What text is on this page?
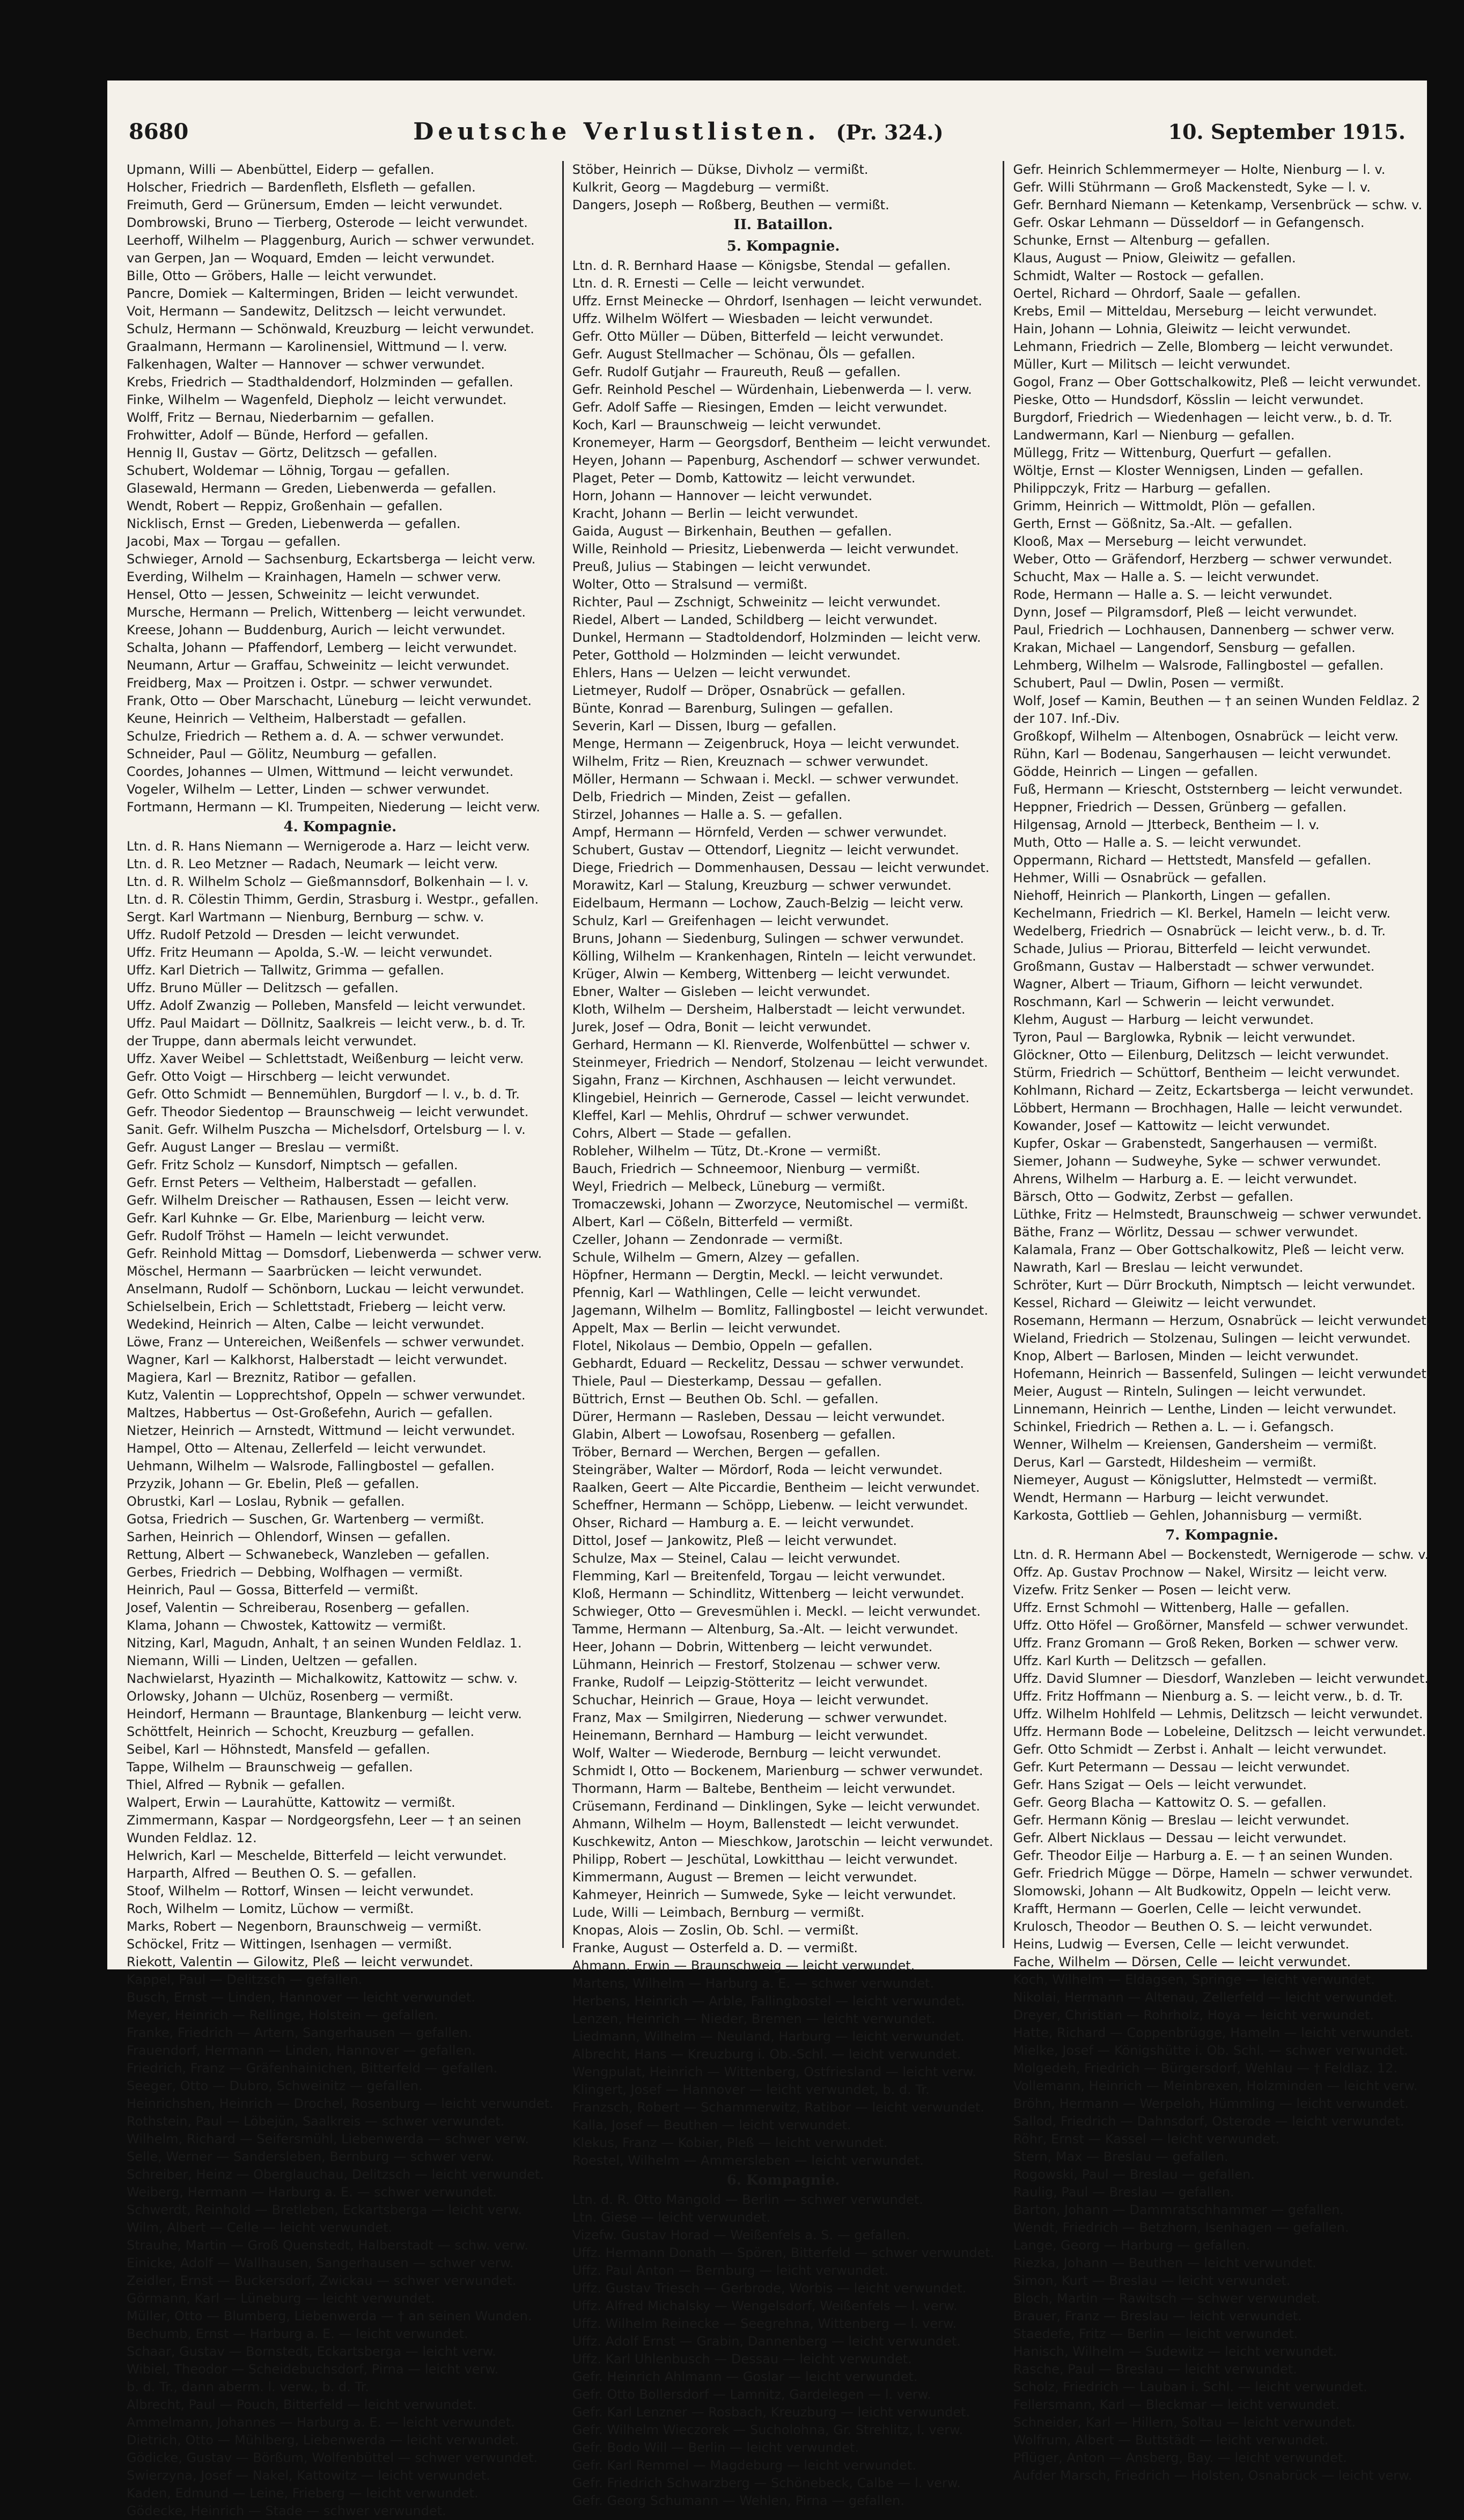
8680	Deutsche Verlustlisten. (Pr. 324.)	10. September 1915.
Upmann, Willi — Abenbüttel, Eiderp — gefallen.
Holscher, Friedrich — Bardenfleth, Elsfleth — gefallen.
Freimuth, Gerd — Grünersum, Emden — leicht verwundet.
Dombrowski, Bruno — Tierberg, Osterode — leicht verwundet.
Leerhoff, Wilhelm — Plaggenburg, Aurich — schwer verwundet.
van Gerpen, Jan — Woquard, Emden — leicht verwundet.
Bille, Otto — Gröbers, Halle — leicht verwundet.
Pancre, Domiek — Kaltermingen, Briden — leicht verwundet.
Voit, Hermann — Sandewitz, Delitzsch — leicht verwundet.
Schulz, Hermann — Schönwald, Kreuzburg — leicht verwundet.
Graalmann, Hermann — Karolinensiel, Wittmund — l. verw.
Falkenhagen, Walter — Hannover — schwer verwundet.
Krebs, Friedrich — Stadthaldendorf, Holzminden — gefallen.
Finke, Wilhelm — Wagenfeld, Diepholz — leicht verwundet.
Wolff, Fritz — Bernau, Niederbarnim — gefallen.
Frohwitter, Adolf — Bünde, Herford — gefallen.
Hennig II, Gustav — Görtz, Delitzsch — gefallen.
Schubert, Woldemar — Löhnig, Torgau — gefallen.
Glasewald, Hermann — Greden, Liebenwerda — gefallen.
Wendt, Robert — Reppiz, Großenhain — gefallen.
Nicklisch, Ernst — Greden, Liebenwerda — gefallen.
Jacobi, Max — Torgau — gefallen.
Schwieger, Arnold — Sachsenburg, Eckartsberga — leicht verw.
Everding, Wilhelm — Krainhagen, Hameln — schwer verw.
Hensel, Otto — Jessen, Schweinitz — leicht verwundet.
Mursche, Hermann — Prelich, Wittenberg — leicht verwundet.
Kreese, Johann — Buddenburg, Aurich — leicht verwundet.
Schalta, Johann — Pfaffendorf, Lemberg — leicht verwundet.
Neumann, Artur — Graffau, Schweinitz — leicht verwundet.
Freidberg, Max — Proitzen i. Ostpr. — schwer verwundet.
Frank, Otto — Ober Marschacht, Lüneburg — leicht verwundet.
Keune, Heinrich — Veltheim, Halberstadt — gefallen.
Schulze, Friedrich — Rethem a. d. A. — schwer verwundet.
Schneider, Paul — Gölitz, Neumburg — gefallen.
Coordes, Johannes — Ulmen, Wittmund — leicht verwundet.
Vogeler, Wilhelm — Letter, Linden — schwer verwundet.
Fortmann, Hermann — Kl. Trumpeiten, Niederung — leicht verw.
4. Kompagnie.
Ltn. d. R. Hans Niemann — Wernigerode a. Harz — leicht verw.
Ltn. d. R. Leo Metzner — Radach, Neumark — leicht verw.
Ltn. d. R. Wilhelm Scholz — Gießmannsdorf, Bolkenhain — l. v.
Ltn. d. R. Cölestin Thimm, Gerdin, Strasburg i. Westpr., gefallen.
Sergt. Karl Wartmann — Nienburg, Bernburg — schw. v.
Uffz. Rudolf Petzold — Dresden — leicht verwundet.
Uffz. Fritz Heumann — Apolda, S.-W. — leicht verwundet.
Uffz. Karl Dietrich — Tallwitz, Grimma — gefallen.
Uffz. Bruno Müller — Delitzsch — gefallen.
Uffz. Adolf Zwanzig — Polleben, Mansfeld — leicht verwundet.
Uffz. Paul Maidart — Döllnitz, Saalkreis — leicht verw., b. d. Tr.
der Truppe, dann abermals leicht verwundet.
Uffz. Xaver Weibel — Schlettstadt, Weißenburg — leicht verw.
Gefr. Otto Voigt — Hirschberg — leicht verwundet.
Gefr. Otto Schmidt — Bennemühlen, Burgdorf — l. v., b. d. Tr.
Gefr. Theodor Siedentop — Braunschweig — leicht verwundet.
Sanit. Gefr. Wilhelm Puszcha — Michelsdorf, Ortelsburg — l. v.
Gefr. August Langer — Breslau — vermißt.
Gefr. Fritz Scholz — Kunsdorf, Nimptsch — gefallen.
Gefr. Ernst Peters — Veltheim, Halberstadt — gefallen.
Gefr. Wilhelm Dreischer — Rathausen, Essen — leicht verw.
Gefr. Karl Kuhnke — Gr. Elbe, Marienburg — leicht verw.
Gefr. Rudolf Tröhst — Hameln — leicht verwundet.
Gefr. Reinhold Mittag — Domsdorf, Liebenwerda — schwer verw.
Möschel, Hermann — Saarbrücken — leicht verwundet.
Anselmann, Rudolf — Schönborn, Luckau — leicht verwundet.
Schielselbein, Erich — Schlettstadt, Frieberg — leicht verw.
Wedekind, Heinrich — Alten, Calbe — leicht verwundet.
Löwe, Franz — Untereichen, Weißenfels — schwer verwundet.
Wagner, Karl — Kalkhorst, Halberstadt — leicht verwundet.
Magiera, Karl — Breznitz, Ratibor — gefallen.
Kutz, Valentin — Lopprechtshof, Oppeln — schwer verwundet.
Maltzes, Habbertus — Ost-Großefehn, Aurich — gefallen.
Nietzer, Heinrich — Arnstedt, Wittmund — leicht verwundet.
Hampel, Otto — Altenau, Zellerfeld — leicht verwundet.
Uehmann, Wilhelm — Walsrode, Fallingbostel — gefallen.
Przyzik, Johann — Gr. Ebelin, Pleß — gefallen.
Obrustki, Karl — Loslau, Rybnik — gefallen.
Gotsa, Friedrich — Suschen, Gr. Wartenberg — vermißt.
Sarhen, Heinrich — Ohlendorf, Winsen — gefallen.
Rettung, Albert — Schwanebeck, Wanzleben — gefallen.
Gerbes, Friedrich — Debbing, Wolfhagen — vermißt.
Heinrich, Paul — Gossa, Bitterfeld — vermißt.
Josef, Valentin — Schreiberau, Rosenberg — gefallen.
Klama, Johann — Chwostek, Kattowitz — vermißt.
Nitzing, Karl, Magudn, Anhalt, † an seinen Wunden Feldlaz. 1.
Niemann, Willi — Linden, Ueltzen — gefallen.
Nachwielarst, Hyazinth — Michalkowitz, Kattowitz — schw. v.
Orlowsky, Johann — Ulchüz, Rosenberg — vermißt.
Heindorf, Hermann — Brauntage, Blankenburg — leicht verw.
Schöttfelt, Heinrich — Schocht, Kreuzburg — gefallen.
Seibel, Karl — Höhnstedt, Mansfeld — gefallen.
Tappe, Wilhelm — Braunschweig — gefallen.
Thiel, Alfred — Rybnik — gefallen.
Walpert, Erwin — Laurahütte, Kattowitz — vermißt.
Zimmermann, Kaspar — Nordgeorgsfehn, Leer — † an seinen
Wunden Feldlaz. 12.
Helwrich, Karl — Meschelde, Bitterfeld — leicht verwundet.
Harparth, Alfred — Beuthen O. S. — gefallen.
Stoof, Wilhelm — Rottorf, Winsen — leicht verwundet.
Roch, Wilhelm — Lomitz, Lüchow — vermißt.
Marks, Robert — Negenborn, Braunschweig — vermißt.
Schöckel, Fritz — Wittingen, Isenhagen — vermißt.
Riekott, Valentin — Gilowitz, Pleß — leicht verwundet.
Kappel, Paul — Delitzsch — gefallen.
Busch, Ernst — Linden, Hannover — leicht verwundet.
Meyer, Heinrich — Rellinge, Holstein — gefallen.
Franke, Friedrich — Artern, Sangerhausen — gefallen.
Frauendorf, Hermann — Linden, Hannover — gefallen.
Friedrich, Franz — Gräfenhainichen, Bitterfeld — gefallen.
Seeger, Otto — Dubro, Schweinitz — gefallen.
Heinrichshen, Heinrich — Drochel, Rosenburg — leicht verwundet.
Rothstein, Paul — Löbejün, Saalkreis — schwer verwundet.
Wilhelm, Richard — Seifersmühl, Liebenwerda — schwer verw.
Selle, Werner — Sandersleben, Bernburg — schwer verw.
Schreiber, Heinz — Oberglauchau, Delitzsch — leicht verwundet.
Weiberg, Hermann — Harburg a. E. — schwer verwundet.
Schwerdt, Reinhold — Bretleben, Eckartsberga — leicht verw.
Wilm, Albert — Celle — leicht verwundet.
Strauhe, Martin — Groß Quenstedt, Halberstadt — schw. verw.
Einicke, Adolf — Wallhausen, Sangerhausen — schwer verw.
Zeidler, Ernst — Buckersdorf, Zwickau — schwer verwundet.
Görmann, Karl — Lüneburg — leicht verwundet.
Müller, Otto — Blumberg, Liebenwerda — † an seinen Wunden.
Bechumb, Ernst — Harburg a. E. — leicht verwundet.
Schaar, Gustav — Bornstedt, Eckartsberga — leicht verw.
Wibiel, Theodor — Scheidebuchsdorf, Pirna — leicht verw.
b. d. Tr., dann aberm. l. verw., b. d. Tr.
Albrecht, Paul — Pouch, Bitterfeld — leicht verwundet.
Ammelmann, Johannes — Harburg a. E. — leicht verwundet.
Dietrich, Otto — Mühlberg, Liebenwerda — leicht verwundet.
Gödicke, Gustav — Börßum, Wolfenbüttel — schwer verwundet.
Swierzyna, Josef — Nakel, Kattowitz — leicht verwundet.
Kaden, Edmund — Leine, Frieberg — leicht verwundet.
Gödecke, Heinrich — Stade — schwer verwundet.
Stöber, Heinrich — Dükse, Divholz — vermißt.
Kulkrit, Georg — Magdeburg — vermißt.
Dangers, Joseph — Roßberg, Beuthen — vermißt.
II. Bataillon.
5. Kompagnie.
Ltn. d. R. Bernhard Haase — Königsbe, Stendal — gefallen.
Ltn. d. R. Ernesti — Celle — leicht verwundet.
Uffz. Ernst Meinecke — Ohrdorf, Isenhagen — leicht verwundet.
Uffz. Wilhelm Wölfert — Wiesbaden — leicht verwundet.
Gefr. Otto Müller — Düben, Bitterfeld — leicht verwundet.
Gefr. August Stellmacher — Schönau, Öls — gefallen.
Gefr. Rudolf Gutjahr — Fraureuth, Reuß — gefallen.
Gefr. Reinhold Peschel — Würdenhain, Liebenwerda — l. verw.
Gefr. Adolf Saffe — Riesingen, Emden — leicht verwundet.
Koch, Karl — Braunschweig — leicht verwundet.
Kronemeyer, Harm — Georgsdorf, Bentheim — leicht verwundet.
Heyen, Johann — Papenburg, Aschendorf — schwer verwundet.
Plaget, Peter — Domb, Kattowitz — leicht verwundet.
Horn, Johann — Hannover — leicht verwundet.
Kracht, Johann — Berlin — leicht verwundet.
Gaida, August — Birkenhain, Beuthen — gefallen.
Wille, Reinhold — Priesitz, Liebenwerda — leicht verwundet.
Preuß, Julius — Stabingen — leicht verwundet.
Wolter, Otto — Stralsund — vermißt.
Richter, Paul — Zschnigt, Schweinitz — leicht verwundet.
Riedel, Albert — Landed, Schildberg — leicht verwundet.
Dunkel, Hermann — Stadtoldendorf, Holzminden — leicht verw.
Peter, Gotthold — Holzminden — leicht verwundet.
Ehlers, Hans — Uelzen — leicht verwundet.
Lietmeyer, Rudolf — Dröper, Osnabrück — gefallen.
Bünte, Konrad — Barenburg, Sulingen — gefallen.
Severin, Karl — Dissen, Iburg — gefallen.
Menge, Hermann — Zeigenbruck, Hoya — leicht verwundet.
Wilhelm, Fritz — Rien, Kreuznach — schwer verwundet.
Möller, Hermann — Schwaan i. Meckl. — schwer verwundet.
Delb, Friedrich — Minden, Zeist — gefallen.
Stirzel, Johannes — Halle a. S. — gefallen.
Ampf, Hermann — Hörnfeld, Verden — schwer verwundet.
Schubert, Gustav — Ottendorf, Liegnitz — leicht verwundet.
Diege, Friedrich — Dommenhausen, Dessau — leicht verwundet.
Morawitz, Karl — Stalung, Kreuzburg — schwer verwundet.
Eidelbaum, Hermann — Lochow, Zauch-Belzig — leicht verw.
Schulz, Karl — Greifenhagen — leicht verwundet.
Bruns, Johann — Siedenburg, Sulingen — schwer verwundet.
Kölling, Wilhelm — Krankenhagen, Rinteln — leicht verwundet.
Krüger, Alwin — Kemberg, Wittenberg — leicht verwundet.
Ebner, Walter — Gisleben — leicht verwundet.
Kloth, Wilhelm — Dersheim, Halberstadt — leicht verwundet.
Jurek, Josef — Odra, Bonit — leicht verwundet.
Gerhard, Hermann — Kl. Rienverde, Wolfenbüttel — schwer v.
Steinmeyer, Friedrich — Nendorf, Stolzenau — leicht verwundet.
Sigahn, Franz — Kirchnen, Aschhausen — leicht verwundet.
Klingebiel, Heinrich — Gernerode, Cassel — leicht verwundet.
Kleffel, Karl — Mehlis, Ohrdruf — schwer verwundet.
Cohrs, Albert — Stade — gefallen.
Robleher, Wilhelm — Tütz, Dt.-Krone — vermißt.
Bauch, Friedrich — Schneemoor, Nienburg — vermißt.
Weyl, Friedrich — Melbeck, Lüneburg — vermißt.
Tromaczewski, Johann — Zworzyce, Neutomischel — vermißt.
Albert, Karl — Cößeln, Bitterfeld — vermißt.
Czeller, Johann — Zendonrade — vermißt.
Schule, Wilhelm — Gmern, Alzey — gefallen.
Höpfner, Hermann — Dergtin, Meckl. — leicht verwundet.
Pfennig, Karl — Wathlingen, Celle — leicht verwundet.
Jagemann, Wilhelm — Bomlitz, Fallingbostel — leicht verwundet.
Appelt, Max — Berlin — leicht verwundet.
Flotel, Nikolaus — Dembio, Oppeln — gefallen.
Gebhardt, Eduard — Reckelitz, Dessau — schwer verwundet.
Thiele, Paul — Diesterkamp, Dessau — gefallen.
Büttrich, Ernst — Beuthen Ob. Schl. — gefallen.
Dürer, Hermann — Rasleben, Dessau — leicht verwundet.
Glabin, Albert — Lowofsau, Rosenberg — gefallen.
Tröber, Bernard — Werchen, Bergen — gefallen.
Steingräber, Walter — Mördorf, Roda — leicht verwundet.
Raalken, Geert — Alte Piccardie, Bentheim — leicht verwundet.
Scheffner, Hermann — Schöpp, Liebenw. — leicht verwundet.
Ohser, Richard — Hamburg a. E. — leicht verwundet.
Dittol, Josef — Jankowitz, Pleß — leicht verwundet.
Schulze, Max — Steinel, Calau — leicht verwundet.
Flemming, Karl — Breitenfeld, Torgau — leicht verwundet.
Kloß, Hermann — Schindlitz, Wittenberg — leicht verwundet.
Schwieger, Otto — Grevesmühlen i. Meckl. — leicht verwundet.
Tamme, Hermann — Altenburg, Sa.-Alt. — leicht verwundet.
Heer, Johann — Dobrin, Wittenberg — leicht verwundet.
Lühmann, Heinrich — Frestorf, Stolzenau — schwer verw.
Franke, Rudolf — Leipzig-Stötteritz — leicht verwundet.
Schuchar, Heinrich — Graue, Hoya — leicht verwundet.
Franz, Max — Smilgirren, Niederung — schwer verwundet.
Heinemann, Bernhard — Hamburg — leicht verwundet.
Wolf, Walter — Wiederode, Bernburg — leicht verwundet.
Schmidt I, Otto — Bockenem, Marienburg — schwer verwundet.
Thormann, Harm — Baltebe, Bentheim — leicht verwundet.
Crüsemann, Ferdinand — Dinklingen, Syke — leicht verwundet.
Ahmann, Wilhelm — Hoym, Ballenstedt — leicht verwundet.
Kuschkewitz, Anton — Mieschkow, Jarotschin — leicht verwundet.
Philipp, Robert — Jeschütal, Lowkitthau — leicht verwundet.
Kimmermann, August — Bremen — leicht verwundet.
Kahmeyer, Heinrich — Sumwede, Syke — leicht verwundet.
Lude, Willi — Leimbach, Bernburg — vermißt.
Knopas, Alois — Zoslin, Ob. Schl. — vermißt.
Franke, August — Osterfeld a. D. — vermißt.
Ahmann, Erwin — Braunschweig — leicht verwundet.
Martens, Wilhelm — Harburg a. E. — schwer verwundet.
Herbens, Heinrich — Arble, Fallingbostel — leicht verwundet.
Lenzen, Heinrich — Nieder, Bremen — leicht verwundet.
Liedmann, Wilhelm — Neuland, Harburg — leicht verwundet.
Albrecht, Hans — Kreuzburg i. Ob.-Schl. — leicht verwundet.
Wengpulat, Heinrich — Wittenberg, Ostfriesland — leicht verw.
Klingert, Josef — Hannover — leicht verwundet, b. d. Tr.
Franzsch, Robert — Schammerwitz, Ratibor — leicht verwundet.
Kalla, Josef — Beuthen — leicht verwundet.
Klekus, Franz — Kobier, Pleß — leicht verwundet.
Roestel, Wilhelm — Ammersleben — leicht verwundet.
6. Kompagnie.
Ltn. d. R. Otto Mangold — Berlin — schwer verwundet.
Ltn. Giese — leicht verwundet.
Vizefw. Gustav Horad — Weißenfels a. S. — gefallen.
Uffz. Hermann Donath — Spören, Bitterfeld — schwer verwundet.
Uffz. Paul Anton — Bernburg — leicht verwundet.
Uffz. Gustav Triesch — Gerbrode, Worbis — leicht verwundet.
Uffz. Alfred Michalsky — Wengelsdorf, Weißenfels — l. verw.
Uffz. Wilhelm Reinecke — Seegrehna, Wittenberg — l. verw.
Uffz. Adolf Ernst — Grabin, Dannenberg — leicht verwundet.
Uffz. Karl Uhlenbusch — Dessau — leicht verwundet.
Gefr. Heinrich Ahlmann — Goslar — leicht verwundet.
Gefr. Otto Bollersdorf — Lamnitz, Gardelegen — l. verw.
Gefr. Karl Lenzner — Rosbach, Kreuzburg — leicht verwundet.
Gefr. Wilhelm Wieczorek — Sucholohna, Gr. Strehlitz, l. verw.
Gefr. Bodo Will — Berlin — leicht verwundet.
Gefr. Karl Remmel — Magdeburg — leicht verwundet.
Gefr. Friedrich Schwarzberg — Schönebeck, Calbe — l. verw.
Gefr. Georg Schumann — Wehlen, Pirna — gefallen.
Gefr. Heinrich Schlemmermeyer — Holte, Nienburg — l. v.
Gefr. Willi Stührmann — Groß Mackenstedt, Syke — l. v.
Gefr. Bernhard Niemann — Ketenkamp, Versenbrück — schw. v.
Gefr. Oskar Lehmann — Düsseldorf — in Gefangensch.
Schunke, Ernst — Altenburg — gefallen.
Klaus, August — Pniow, Gleiwitz — gefallen.
Schmidt, Walter — Rostock — gefallen.
Oertel, Richard — Ohrdorf, Saale — gefallen.
Krebs, Emil — Mitteldau, Merseburg — leicht verwundet.
Hain, Johann — Lohnia, Gleiwitz — leicht verwundet.
Lehmann, Friedrich — Zelle, Blomberg — leicht verwundet.
Müller, Kurt — Militsch — leicht verwundet.
Gogol, Franz — Ober Gottschalkowitz, Pleß — leicht verwundet.
Pieske, Otto — Hundsdorf, Kösslin — leicht verwundet.
Burgdorf, Friedrich — Wiedenhagen — leicht verw., b. d. Tr.
Landwermann, Karl — Nienburg — gefallen.
Müllegg, Fritz — Wittenburg, Querfurt — gefallen.
Wöltje, Ernst — Kloster Wennigsen, Linden — gefallen.
Philippczyk, Fritz — Harburg — gefallen.
Grimm, Heinrich — Wittmoldt, Plön — gefallen.
Gerth, Ernst — Gößnitz, Sa.-Alt. — gefallen.
Klooß, Max — Merseburg — leicht verwundet.
Weber, Otto — Gräfendorf, Herzberg — schwer verwundet.
Schucht, Max — Halle a. S. — leicht verwundet.
Rode, Hermann — Halle a. S. — leicht verwundet.
Dynn, Josef — Pilgramsdorf, Pleß — leicht verwundet.
Paul, Friedrich — Lochhausen, Dannenberg — schwer verw.
Krakan, Michael — Langendorf, Sensburg — gefallen.
Lehmberg, Wilhelm — Walsrode, Fallingbostel — gefallen.
Schubert, Paul — Dwlin, Posen — vermißt.
Wolf, Josef — Kamin, Beuthen — † an seinen Wunden Feldlaz. 2
der 107. Inf.-Div.
Großkopf, Wilhelm — Altenbogen, Osnabrück — leicht verw.
Rühn, Karl — Bodenau, Sangerhausen — leicht verwundet.
Gödde, Heinrich — Lingen — gefallen.
Fuß, Hermann — Kriescht, Oststernberg — leicht verwundet.
Heppner, Friedrich — Dessen, Grünberg — gefallen.
Hilgensag, Arnold — Jtterbeck, Bentheim — l. v.
Muth, Otto — Halle a. S. — leicht verwundet.
Oppermann, Richard — Hettstedt, Mansfeld — gefallen.
Hehmer, Willi — Osnabrück — gefallen.
Niehoff, Heinrich — Plankorth, Lingen — gefallen.
Kechelmann, Friedrich — Kl. Berkel, Hameln — leicht verw.
Wedelberg, Friedrich — Osnabrück — leicht verw., b. d. Tr.
Schade, Julius — Priorau, Bitterfeld — leicht verwundet.
Großmann, Gustav — Halberstadt — schwer verwundet.
Wagner, Albert — Triaum, Gifhorn — leicht verwundet.
Roschmann, Karl — Schwerin — leicht verwundet.
Klehm, August — Harburg — leicht verwundet.
Tyron, Paul — Barglowka, Rybnik — leicht verwundet.
Glöckner, Otto — Eilenburg, Delitzsch — leicht verwundet.
Stürm, Friedrich — Schüttorf, Bentheim — leicht verwundet.
Kohlmann, Richard — Zeitz, Eckartsberga — leicht verwundet.
Löbbert, Hermann — Brochhagen, Halle — leicht verwundet.
Kowander, Josef — Kattowitz — leicht verwundet.
Kupfer, Oskar — Grabenstedt, Sangerhausen — vermißt.
Siemer, Johann — Sudweyhe, Syke — schwer verwundet.
Ahrens, Wilhelm — Harburg a. E. — leicht verwundet.
Bärsch, Otto — Godwitz, Zerbst — gefallen.
Lüthke, Fritz — Helmstedt, Braunschweig — schwer verwundet.
Bäthe, Franz — Wörlitz, Dessau — schwer verwundet.
Kalamala, Franz — Ober Gottschalkowitz, Pleß — leicht verw.
Nawrath, Karl — Breslau — leicht verwundet.
Schröter, Kurt — Dürr Brockuth, Nimptsch — leicht verwundet.
Kessel, Richard — Gleiwitz — leicht verwundet.
Rosemann, Hermann — Herzum, Osnabrück — leicht verwundet.
Wieland, Friedrich — Stolzenau, Sulingen — leicht verwundet.
Knop, Albert — Barlosen, Minden — leicht verwundet.
Hofemann, Heinrich — Bassenfeld, Sulingen — leicht verwundet.
Meier, August — Rinteln, Sulingen — leicht verwundet.
Linnemann, Heinrich — Lenthe, Linden — leicht verwundet.
Schinkel, Friedrich — Rethen a. L. — i. Gefangsch.
Wenner, Wilhelm — Kreiensen, Gandersheim — vermißt.
Derus, Karl — Garstedt, Hildesheim — vermißt.
Niemeyer, August — Königslutter, Helmstedt — vermißt.
Wendt, Hermann — Harburg — leicht verwundet.
Karkosta, Gottlieb — Gehlen, Johannisburg — vermißt.
7. Kompagnie.
Ltn. d. R. Hermann Abel — Bockenstedt, Wernigerode — schw. v.
Offz. Ap. Gustav Prochnow — Nakel, Wirsitz — leicht verw.
Vizefw. Fritz Senker — Posen — leicht verw.
Uffz. Ernst Schmohl — Wittenberg, Halle — gefallen.
Uffz. Otto Höfel — Großörner, Mansfeld — schwer verwundet.
Uffz. Franz Gromann — Groß Reken, Borken — schwer verw.
Uffz. Karl Kurth — Delitzsch — gefallen.
Uffz. David Slumner — Diesdorf, Wanzleben — leicht verwundet.
Uffz. Fritz Hoffmann — Nienburg a. S. — leicht verw., b. d. Tr.
Uffz. Wilhelm Hohlfeld — Lehmis, Delitzsch — leicht verwundet.
Uffz. Hermann Bode — Lobeleine, Delitzsch — leicht verwundet.
Gefr. Otto Schmidt — Zerbst i. Anhalt — leicht verwundet.
Gefr. Kurt Petermann — Dessau — leicht verwundet.
Gefr. Hans Szigat — Oels — leicht verwundet.
Gefr. Georg Blacha — Kattowitz O. S. — gefallen.
Gefr. Hermann König — Breslau — leicht verwundet.
Gefr. Albert Nicklaus — Dessau — leicht verwundet.
Gefr. Theodor Eilje — Harburg a. E. — † an seinen Wunden.
Gefr. Friedrich Mügge — Dörpe, Hameln — schwer verwundet.
Slomowski, Johann — Alt Budkowitz, Oppeln — leicht verw.
Krafft, Hermann — Goerlen, Celle — leicht verwundet.
Krulosch, Theodor — Beuthen O. S. — leicht verwundet.
Heins, Ludwig — Eversen, Celle — leicht verwundet.
Fache, Wilhelm — Dörsen, Celle — leicht verwundet.
Koch, Wilhelm — Eldagsen, Springe — leicht verwundet.
Nikolai, Hermann — Altenau, Zellerfeld — leicht verwundet.
Dreyer, Christian — Rohrholz, Hoya — leicht verwundet.
Hatte, Richard — Coppenbrügge, Hameln — leicht verwundet.
Mielke, Josef — Königshütte i. Ob. Schl. — schwer verwundet.
Molgedeh, Friedrich — Bürgersdorf, Wehlau — † Feldlaz. 12.
Vollemann, Heinrich — Meinbrexen, Holzminden — leicht verw.
Bröhn, Hermann — Werpeloh, Hümmling — leicht verwundet.
Sallod, Friedrich — Dahnsdorf, Osterode — leicht verwundet.
Röhr, Ernst — Kassel — leicht verwundet.
Stern, Max — Breslau — gefallen.
Rogowski, Paul — Breslau — gefallen.
Raulig, Paul — Breslau — gefallen.
Barton, Johann — Dammratschhammer — gefallen.
Wendt, Friedrich — Betzhorn, Isenhagen — gefallen.
Lange, Georg — Harburg — gefallen.
Riezka, Johann — Beuthen — leicht verwundet.
Simon, Kurt — Breslau — leicht verwundet.
Bloch, Martin — Rawitsch — schwer verwundet.
Brauer, Franz — Breslau — leicht verwundet.
Staedefe, Fritz — Berlin — leicht verwundet.
Hanisch, Wilhelm — Sudewitz — leicht verwundet.
Rasche, Paul — Breslau — leicht verwundet.
Scholz, Friedrich — Lauban i. Schl. — leicht verwundet.
Fellersmann, Karl — Bleckmar — leicht verwundet.
Schneider, Karl — Hillern, Soltau — leicht verwundet.
Wolfrum, Albert — Buttstädt — leicht verwundet.
Pflüger, Anton — Ansberg, Bay. — leicht verwundet.
Aufder Marsch, Friedrich — Holsten, Osnabrück — leicht verw.
